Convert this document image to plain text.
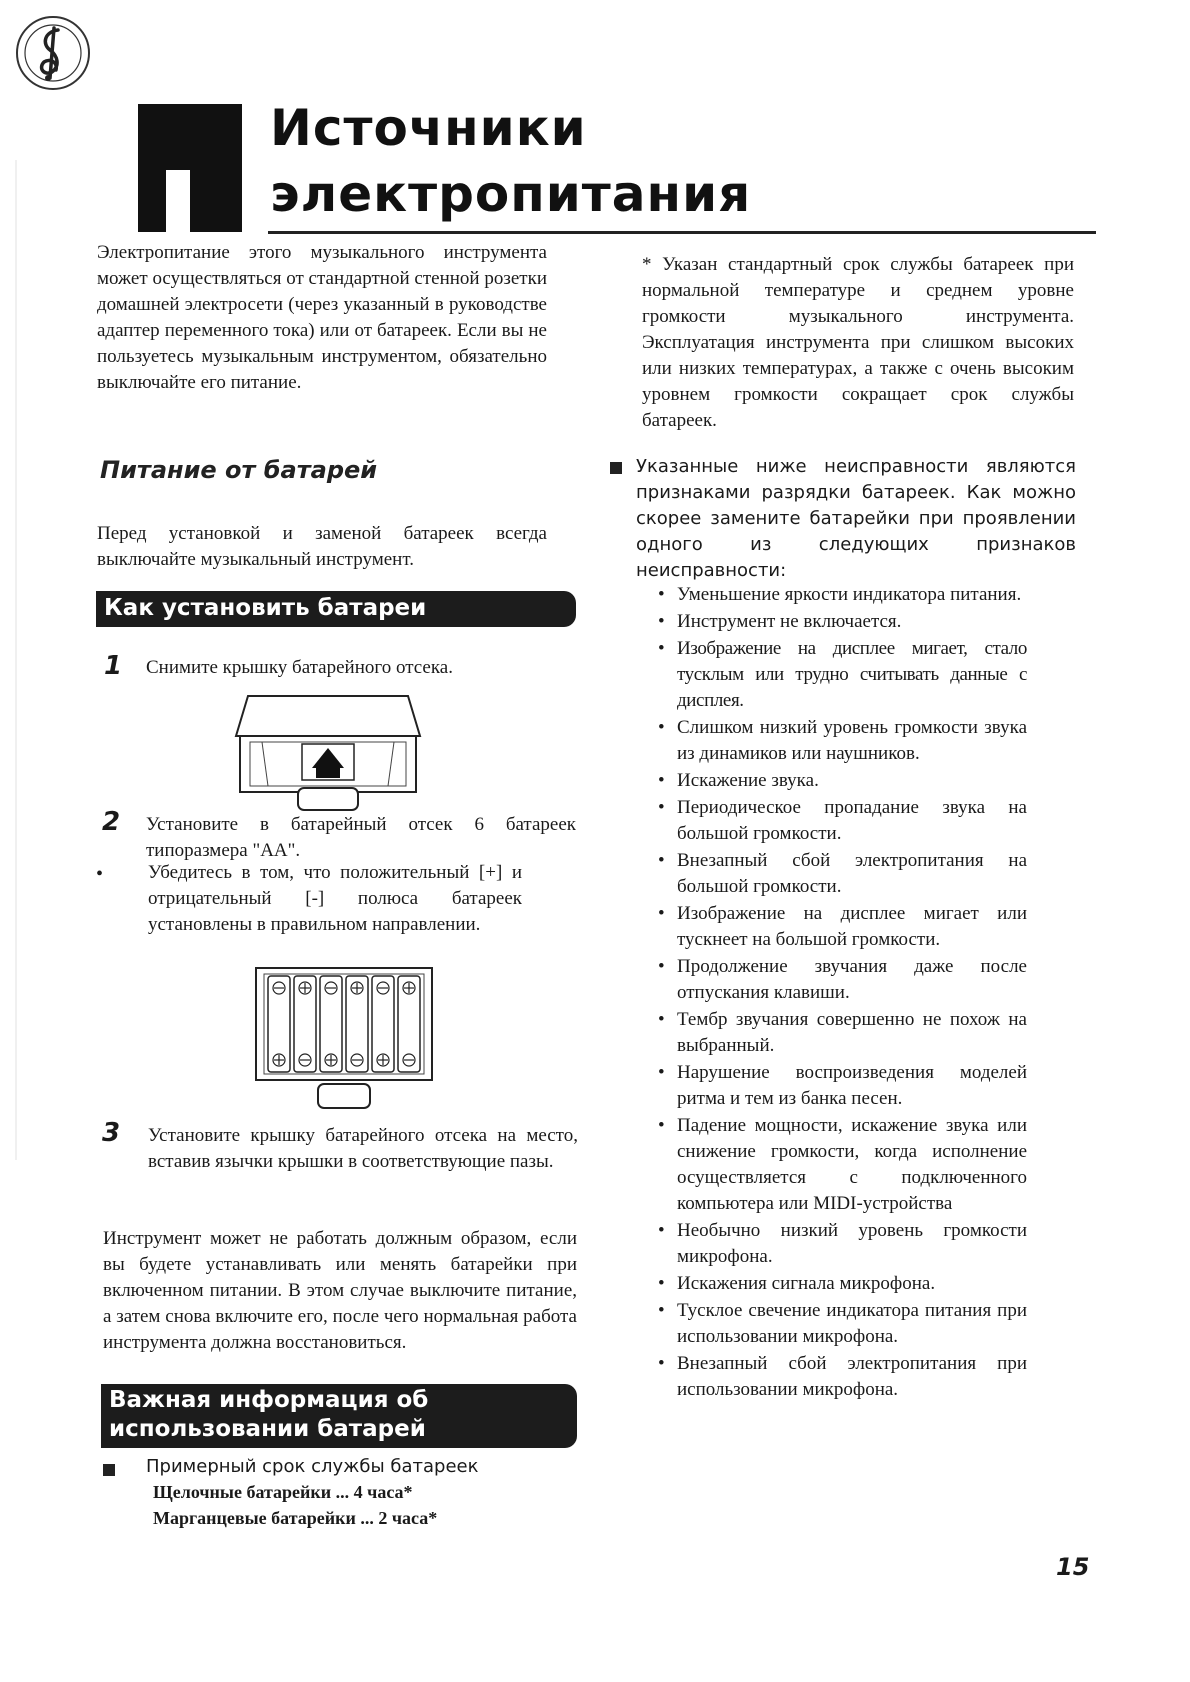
Источники
электропитания

Электропитание этого музыкального инструмента может осуществляться от стандартной стенной розетки домашней электросети (через указанный в руководстве адаптер переменного тока) или от батареек. Если вы не пользуетесь музыкальным инструментом, обязательно выключайте его питание.

Питание от батарей

Перед установкой и заменой батареек всегда выключайте музыкальный инструмент.

Как установить батареи
1 Снимите крышку батарейного отсека.

2 Установите в батарейный отсек 6 батареек типоразмера "AA".

• Убедитесь в том, что положительный [+] и отрицательный [-] полюса батареек установлены в правильном направлении.

3 Установите крышку батарейного отсека на место, вставив язычки крышки в соответствующие пазы.

Инструмент может не работать должным образом, если вы будете устанавливать или менять батарейки при включенном питании. В этом случае выключите питание, а затем снова включите его, после чего нормальная работа инструмента должна восстановиться.

Важная информация об
использовании батарей
Примерный срок службы батареек
Щелочные батарейки ... 4 часа*
Марганцевые батарейки ... 2 часа*

* Указан стандартный срок службы батареек при нормальной температуре и среднем уровне громкости музыкального инструмента. Эксплуатация инструмента при слишком высоких или низких температурах, а также с очень высоким уровнем громкости сокращает срок службы батареек.

Указанные ниже неисправности являются признаками разрядки батареек. Как можно скорее замените батарейки при проявлении одного из следующих признаков неисправности:

• Уменьшение яркости индикатора питания.
• Инструмент не включается.
• Изображение на дисплее мигает, стало тусклым или трудно считывать данные с дисплея.
• Слишком низкий уровень громкости звука из динамиков или наушников.
• Искажение звука.
• Периодическое пропадание звука на большой громкости.
• Внезапный сбой электропитания на большой громкости.
• Изображение на дисплее мигает или тускнеет на большой громкости.
• Продолжение звучания даже после отпускания клавиши.
• Тембр звучания совершенно не похож на выбранный.
• Нарушение воспроизведения моделей ритма и тем из банка песен.
• Падение мощности, искажение звука или снижение громкости, когда исполнение осуществляется с подключенного компьютера или MIDI-устройства
• Необычно низкий уровень громкости микрофона.
• Искажения сигнала микрофона.
• Тусклое свечение индикатора питания при использовании микрофона.
• Внезапный сбой электропитания при использовании микрофона.
15
